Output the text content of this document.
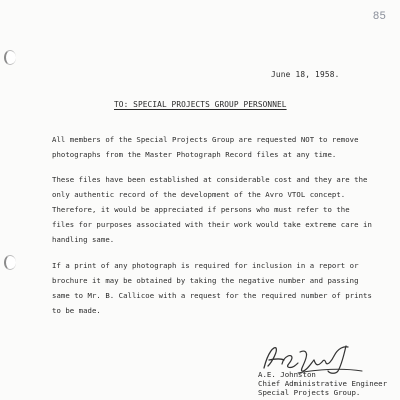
85
June 18, 1958.
TO: SPECIAL PROJECTS GROUP PERSONNEL

All members of the Special Projects Group are requested NOT to remove photographs from the Master Photograph Record files at any time.

These files have been established at considerable cost and they are the only authentic record of the development of the Avro VTOL concept. Therefore, it would be appreciated if persons who must refer to the files for purposes associated with their work would take extreme care in handling same.

If a print of any photograph is required for inclusion in a report or brochure it may be obtained by taking the negative number and passing same to Mr. B. Callicoe with a request for the required number of prints to be made.

A.E. Johnston
Chief Administrative Engineer
Special Projects Group.
